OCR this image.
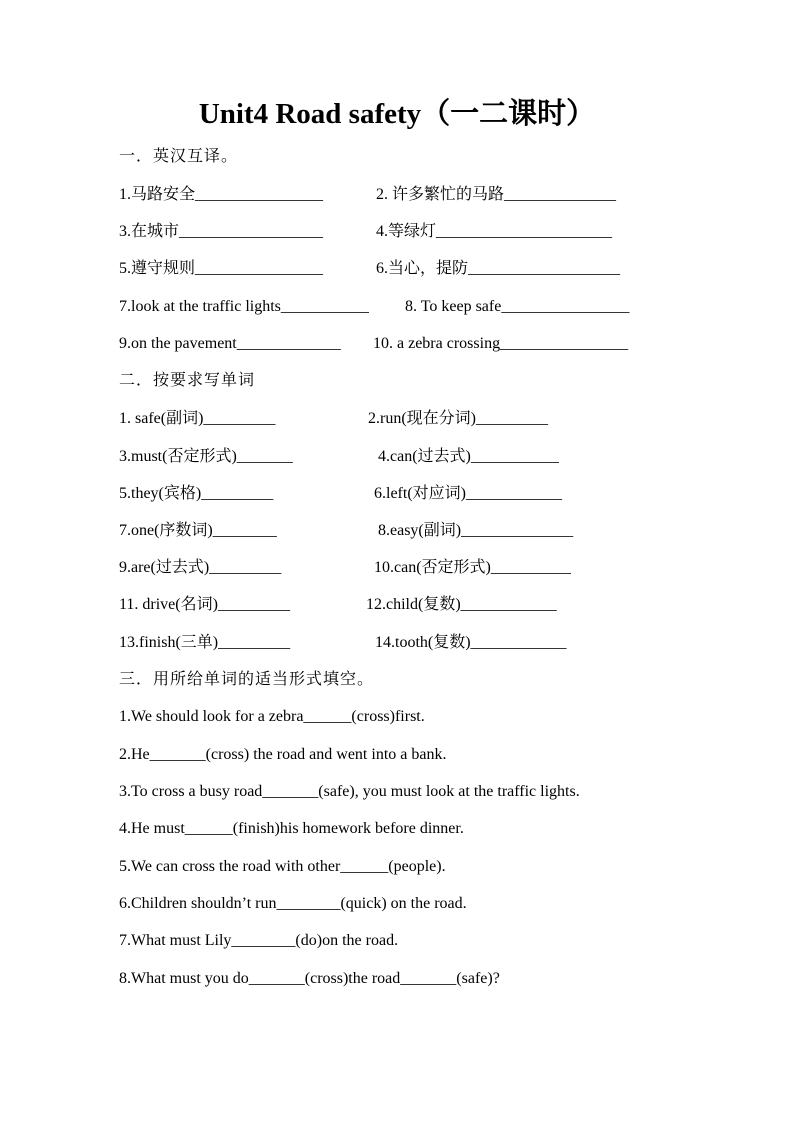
Unit4 Road safety（一二课时）
一．英汉互译。
1.马路安全________________	2. 许多繁忙的马路______________
3.在城市__________________	4.等绿灯______________________
5.遵守规则________________	6.当心，提防___________________
7.look at the traffic lights___________ 8. To keep safe________________
9.on the pavement_____________ 10. a zebra crossing________________
二．按要求写单词
1. safe(副词)_________	2.run(现在分词)_________
3.must(否定形式)_______	4.can(过去式)___________
5.they(宾格)_________	6.left(对应词)____________
7.one(序数词)________	8.easy(副词)______________
9.are(过去式)_________	10.can(否定形式)__________
11. drive(名词)_________	12.child(复数)____________
13.finish(三单)_________	14.tooth(复数)____________
三．用所给单词的适当形式填空。
1.We should look for a zebra______(cross)first.
2.He_______(cross) the road and went into a bank.
3.To cross a busy road_______(safe), you must look at the traffic lights.
4.He must______(finish)his homework before dinner.
5.We can cross the road with other______(people).
6.Children shouldn’t run________(quick) on the road.
7.What must Lily________(do)on the road.
8.What must you do_______(cross)the road_______(safe)?
